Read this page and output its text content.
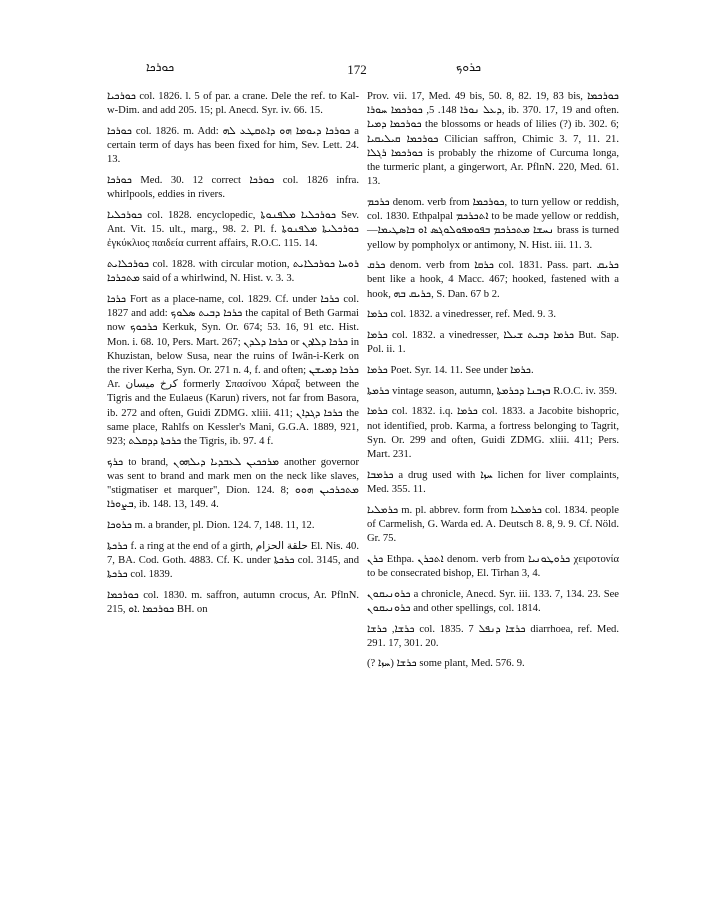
ܟܘܪܟܐ	172	ܟܪܘܟ

ܟܘܪܟܝܐ col. 1826. l. 5 of par. a crane. Dele the ref. to Kal-w-Dim. and add 205. 15; pl. Anecd. Syr. iv. 66. 15.

ܟܘܪܟܐ col. 1826. m. Add: ܟܘܪܟܐ ܕܝܘܡܐ ܗܘ ܕܐܬܩܛܥ ܠܗ a certain term of days has been fixed for him, Sev. Lett. 24. 13.

ܟܘܪܟܐ Med. 30. 12 correct ܟܘܪܟܐ col. 1826 infra. whirlpools, eddies in rivers.

ܟܘܪܟܠܝܐ col. 1828. encyclopedic, ܟܘܪܟܠܝܐ ܡܠܦܢܘܬܐ Sev. Ant. Vit. 15. ult., marg., 98. 2. Pl. f. ܟܘܪܟܠܝܬܐ ܡܠܦܢܘܬܐ ἐγκύκλιος παιδεία current affairs, R.O.C. 115. 14.

ܟܘܪܟܠܐܝܬ col. 1828. with circular motion, ܪܘܚܐ ܟܘܪܟܠܐܝܬ ܡܬܟܪܟܐ said of a whirlwind, N. Hist. v. 3. 3.

ܟܪܟܐ Fort as a place-name, col. 1829. Cf. under ܟܪܟܐ col. 1827 and add: ܟܪܟܐ ܕܒܝܬ ܣܠܘܟ the capital of Beth Garmai now ܟܪܟܘܟ Kerkuk, Syn. Or. 674; 53. 16, 91 etc. Hist. Mon. i. 68. 10, Pers. Mart. 267; ܟܪܟܐ ܕܠܕܢ or ܟܪܟܐ ܕܠܐܕܢ in Khuzistan, below Susa, near the ruins of Iwân-i-Kerk on the river Kerha, Syn. Or. 271 n. 4, f. and often; ܟܪܟܐ ܕܡܝܫܢ Ar. كرخ ميسان formerly Σπασίνου Χάραξ between the Tigris and the Eulaeus (Karun) rivers, not far from Basora, ib. 272 and often, Guidi ZDMG. xliii. 411; ܟܪܟܐ ܕܓܕܐܢ the same place, Rahlfs on Kessler's Mani, G.G.A. 1889, 921, 923; ܟܪܟܬܐ ܕܕܩܠܬ the Tigris, ib. 97. 4 f.

ܟܪܟ to brand, ܡܪܟܟܝܢ ܠܥܒܕܝܐ ܕܝܠܗܘܢ another governor was sent to brand and mark men on the neck like slaves, "stigmatiser et marquer", Dion. 124. 8; ܡܬܟܪܟܝܢ ܗܘܘ ܒܨܘܪܐ, ib. 148. 13, 149. 4.

ܟܪܘܟܐ m. a brander, pl. Dion. 124. 7, 148. 11, 12.

ܟܪܟܬܐ f. a ring at the end of a girth, حلقة الحزام El. Nis. 40. 7, BA. Cod. Goth. 4883. Cf. K. under ܟܪܟܬܐ col. 3145, and ܟܪܟܬܐ col. 1839.

ܟܘܪܟܡܐ col. 1830. m. saffron, autumn crocus, Ar. PflnN. 215, ܟܘܪܟܡܐ .ܐܘ BH. on

Prov. vii. 17, Med. 49 bis, 50. 8, 82. 19, 83 bis, ܟܘܪܟܡܐ ܕܥܠ ܢܘܪܐ 148. 5, ܟܘܪܟܡܐ ܚܘܪܐ, ib. 370. 17, 19 and often. ܟܘܪܟܡܐ ܕܡܝܐ the blossoms or heads of lilies (?) ib. 302. 6; ܟܘܪܟܡܐ ܩܝܠܝܩܝܐ Cilician saffron, Chimic 3. 7, 11. 21. ܟܘܪܟܡܐ ܪܓܠܐ is probably the rhizome of Curcuma longa, the turmeric plant, a gingerwort, Ar. PflnN. 220, Med. 61. 13.

ܟܪܟܡ denom. verb from ܟܘܪܟܡܐ, to turn yellow or reddish, col. 1830. Ethpalpal ܐܬܟܪܟܡ to be made yellow or reddish, —ܢܚܫܐ ܡܬܟܪܟܡ ܒܦܘܡܦܘܠܘܓܣ ܐܘ ܒܐܣܛܝܡܐ brass is turned yellow by pompholyx or antimony, N. Hist. iii. 11. 3.

ܟܪܩ denom. verb from ܟܪܩܐ col. 1831. Pass. part. ܟܪܝܩ bent like a hook, 4 Macc. 467; hooked, fastened with a hook, ܟܪܝܩ ܒܗ, S. Dan. 67 b 2.

ܟܪܡܐ col. 1832. a vinedresser, ref. Med. 9. 3.

ܟܪܡܐ col. 1832. a vinedresser, ܟܪܡܐ ܕܒܝܬ ܫܝܠܐ But. Sap. Pol. ii. 1.

ܟܪܡܐ Poet. Syr. 14. 11. See under ܟܪܡܐ.

ܟܪܡܬܐ vintage season, autumn, ܒܙܒܢܐ ܕܟܪܡܬܐ R.O.C. iv. 359.

ܟܪܡܐ col. 1832. i.q. ܟܪܡܐ col. 1833. a Jacobite bishopric, not identified, prob. Karma, a fortress belonging to Tagrit, Syn. Or. 299 and often, Guidi ZDMG. xliii. 411; Pers. Mart. 231.

ܟܪܡܒܐ a drug used with ܚܙܐ lichen for liver complaints, Med. 355. 11.

ܟܪܡܠܝܐ m. pl. abbrev. form from ܟܪܡܠܝܐ col. 1834. people of Carmelish, G. Warda ed. A. Deutsch 8. 8, 9. 9. Cf. Nöld. Gr. 75.

ܟܪܢ Ethpa. ܐܬܟܪܢ denom. verb from ܟܪܘܛܘܢܝܐ χειροτονία to be consecrated bishop, El. Tirhan 3, 4.

ܟܪܘܢܝܩܘܢ a chronicle, Anecd. Syr. iii. 133. 7, 134. 23. See ܟܪܘܢܝܩܘܢ and other spellings, col. 1814.

ܟܪܫܐ, ܟܪܫܐ col. 1835. 7 ܟܪܫܐ ܕܢܦܠ diarrhoea, ref. Med. 291. 17, 301. 20.

ܟܪܫܐ (ܚܙܐ ?) some plant, Med. 576. 9.
